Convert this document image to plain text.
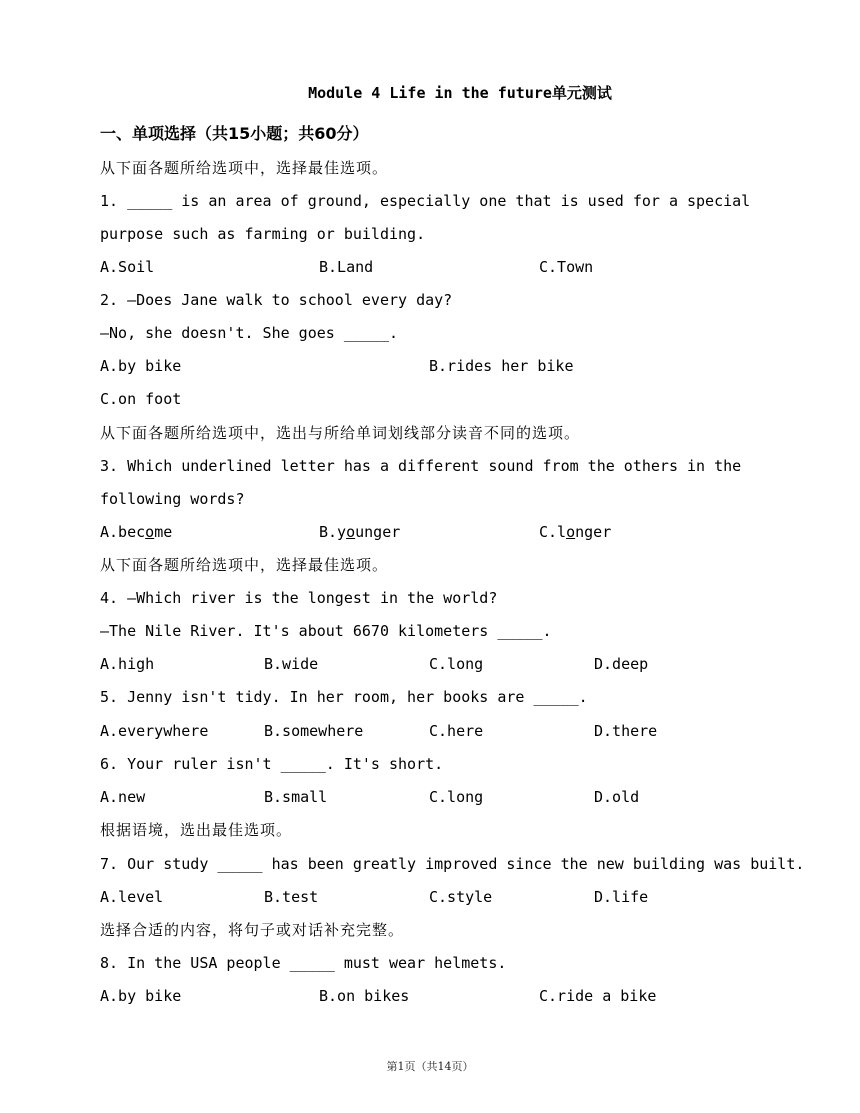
Module 4 Life in the future单元测试
一、单项选择（共15小题；共60分）
从下面各题所给选项中，选择最佳选项。
1. _____ is an area of ground, especially one that is used for a special
purpose such as farming or building.
A.Soil	B.Land	C.Town
2. —Does Jane walk to school every day?
—No, she doesn't. She goes _____.
A.by bike	B.rides her bike
C.on foot
从下面各题所给选项中，选出与所给单词划线部分读音不同的选项。
3. Which underlined letter has a different sound from the others in the
following words?
A.become	B.younger	C.longer
从下面各题所给选项中，选择最佳选项。
4. —Which river is the longest in the world?
—The Nile River. It's about 6670 kilometers _____.
A.high	B.wide	C.long	D.deep
5. Jenny isn't tidy. In her room, her books are _____.
A.everywhere	B.somewhere	C.here	D.there
6. Your ruler isn't _____. It's short.
A.new	B.small	C.long	D.old
根据语境，选出最佳选项。
7. Our study _____ has been greatly improved since the new building was built.
A.level	B.test	C.style	D.life
选择合适的内容，将句子或对话补充完整。
8. In the USA people _____ must wear helmets.
A.by bike	B.on bikes	C.ride a bike
第1页（共14页）
